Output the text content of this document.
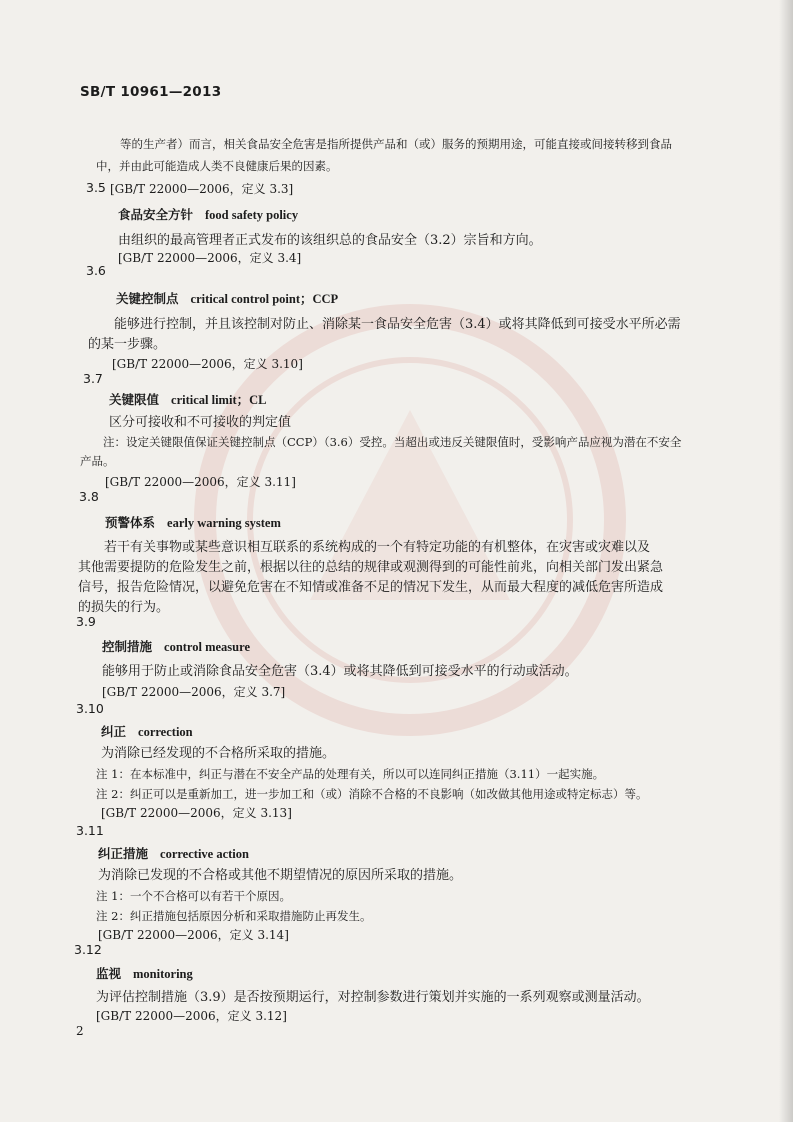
SB/T 10961—2013
等的生产者）而言，相关食品安全危害是指所提供产品和（或）服务的预期用途，可能直接或间接转移到食品
中，并由此可能造成人类不良健康后果的因素。
[GB/T 22000—2006，定义 3.3]
3.5
食品安全方针 food safety policy
由组织的最高管理者正式发布的该组织总的食品安全（3.2）宗旨和方向。
[GB/T 22000—2006，定义 3.4]
3.6
关键控制点 critical control point；CCP
能够进行控制，并且该控制对防止、消除某一食品安全危害（3.4）或将其降低到可接受水平所必需
的某一步骤。
[GB/T 22000—2006，定义 3.10]
3.7
关键限值 critical limit；CL
区分可接收和不可接收的判定值
注：设定关键限值保证关键控制点（CCP）（3.6）受控。当超出或违反关键限值时，受影响产品应视为潜在不安全
产品。
[GB/T 22000—2006，定义 3.11]
3.8
预警体系 early warning system
若干有关事物或某些意识相互联系的系统构成的一个有特定功能的有机整体，在灾害或灾难以及
其他需要提防的危险发生之前，根据以往的总结的规律或观测得到的可能性前兆，向相关部门发出紧急
信号，报告危险情况，以避免危害在不知情或准备不足的情况下发生，从而最大程度的减低危害所造成
的损失的行为。
3.9
控制措施 control measure
能够用于防止或消除食品安全危害（3.4）或将其降低到可接受水平的行动或活动。
[GB/T 22000—2006，定义 3.7]
3.10
纠正 correction
为消除已经发现的不合格所采取的措施。
注 1：在本标准中，纠正与潜在不安全产品的处理有关，所以可以连同纠正措施（3.11）一起实施。
注 2：纠正可以是重新加工，进一步加工和（或）消除不合格的不良影响（如改做其他用途或特定标志）等。
[GB/T 22000—2006，定义 3.13]
3.11
纠正措施 corrective action
为消除已发现的不合格或其他不期望情况的原因所采取的措施。
注 1：一个不合格可以有若干个原因。
注 2：纠正措施包括原因分析和采取措施防止再发生。
[GB/T 22000—2006，定义 3.14]
3.12
监视 monitoring
为评估控制措施（3.9）是否按预期运行，对控制参数进行策划并实施的一系列观察或测量活动。
[GB/T 22000—2006，定义 3.12]
2
